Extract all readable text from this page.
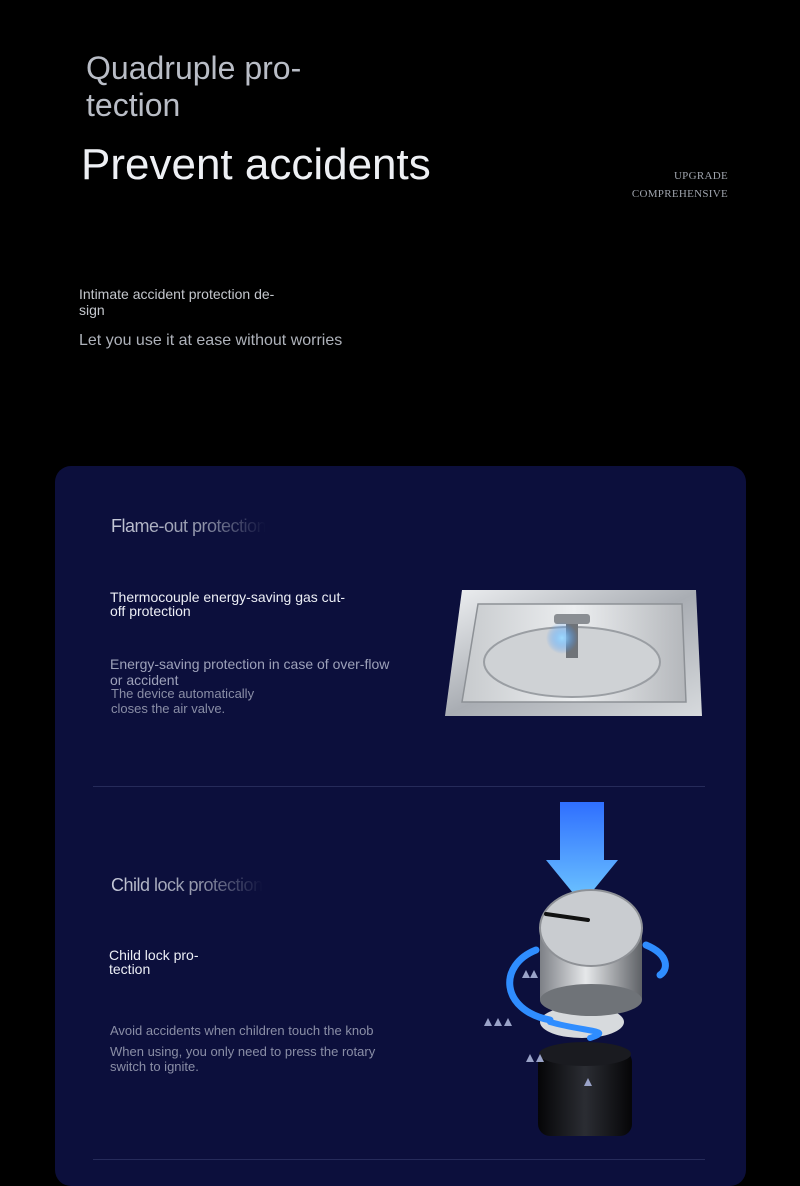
Quadruple pro-tection
Prevent accidents	UPGRADE
COMPREHENSIVE
Intimate accident protection de-sign
Let you use it at ease without worries
Flame-out protection
Thermocouple energy-saving gas cut-off protection
Energy-saving protection in case of over-flow or accident
The device automatically closes the air valve.
Child lock protection
Child lock pro-tection
Avoid accidents when children touch the knob
When using, you only need to press the rotary switch to ignite.
